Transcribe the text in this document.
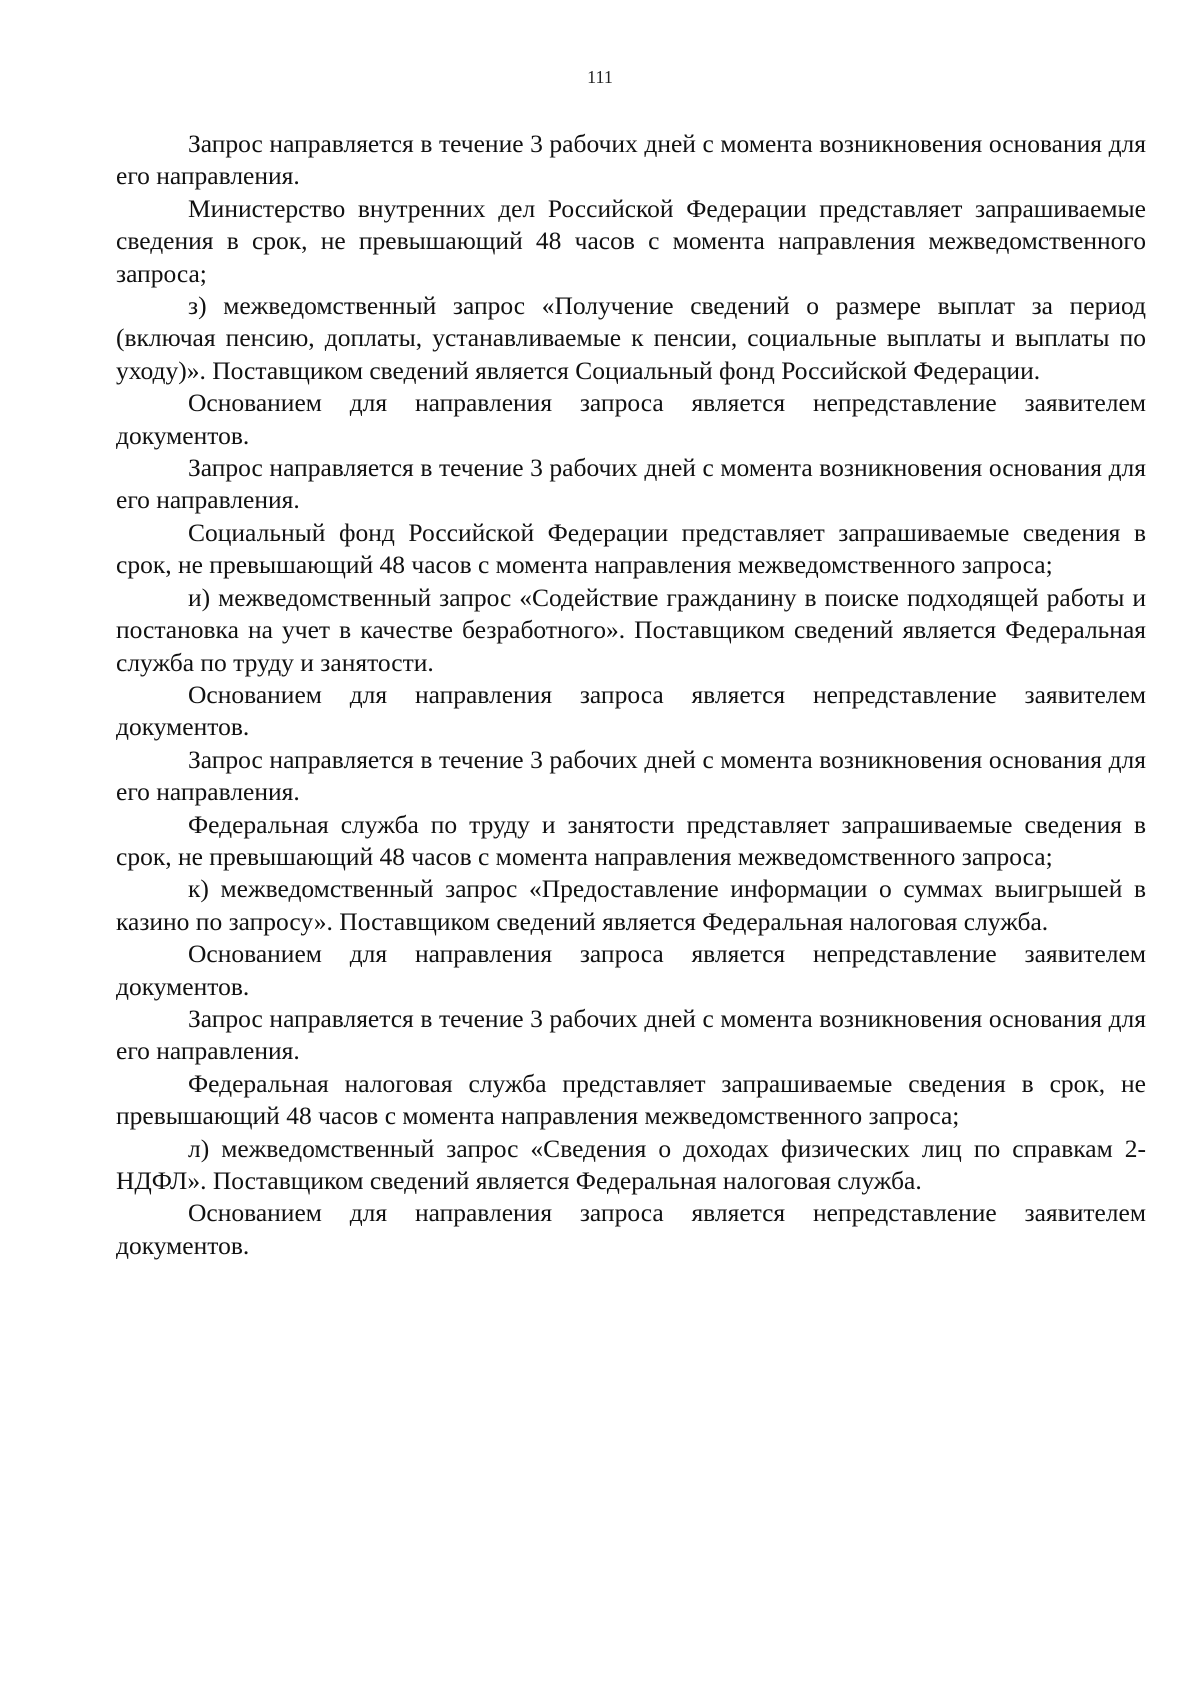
111

Запрос направляется в течение 3 рабочих дней с момента возникновения основания для его направления.

Министерство внутренних дел Российской Федерации представляет запрашиваемые сведения в срок, не превышающий 48 часов с момента направления межведомственного запроса;

з) межведомственный запрос «Получение сведений о размере выплат за период (включая пенсию, доплаты, устанавливаемые к пенсии, социальные выплаты и выплаты по уходу)». Поставщиком сведений является Социальный фонд Российской Федерации.

Основанием для направления запроса является непредставление заявителем документов.

Запрос направляется в течение 3 рабочих дней с момента возникновения основания для его направления.

Социальный фонд Российской Федерации представляет запрашиваемые сведения в срок, не превышающий 48 часов с момента направления межведомственного запроса;

и) межведомственный запрос «Содействие гражданину в поиске подходящей работы и постановка на учет в качестве безработного». Поставщиком сведений является Федеральная служба по труду и занятости.

Основанием для направления запроса является непредставление заявителем документов.

Запрос направляется в течение 3 рабочих дней с момента возникновения основания для его направления.

Федеральная служба по труду и занятости представляет запрашиваемые сведения в срок, не превышающий 48 часов с момента направления межведомственного запроса;

к) межведомственный запрос «Предоставление информации о суммах выигрышей в казино по запросу». Поставщиком сведений является Федеральная налоговая служба.

Основанием для направления запроса является непредставление заявителем документов.

Запрос направляется в течение 3 рабочих дней с момента возникновения основания для его направления.

Федеральная налоговая служба представляет запрашиваемые сведения в срок, не превышающий 48 часов с момента направления межведомственного запроса;

л) межведомственный запрос «Сведения о доходах физических лиц по справкам 2-НДФЛ». Поставщиком сведений является Федеральная налоговая служба.

Основанием для направления запроса является непредставление заявителем документов.
